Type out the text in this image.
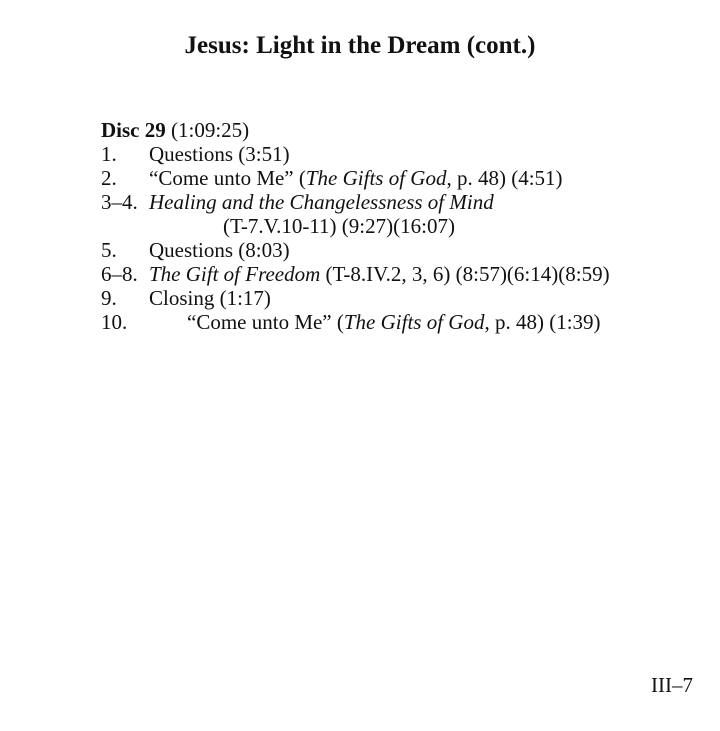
Jesus: Light in the Dream (cont.)
Disc 29 (1:09:25)
1. Questions (3:51)
2. “Come unto Me” (The Gifts of God, p. 48) (4:51)
3–4. Healing and the Changelessness of Mind
(T-7.V.10-11) (9:27)(16:07)
5. Questions (8:03)
6–8. The Gift of Freedom (T-8.IV.2, 3, 6) (8:57)(6:14)(8:59)
9. Closing (1:17)
10.	“Come unto Me” (The Gifts of God, p. 48) (1:39)
III–7
